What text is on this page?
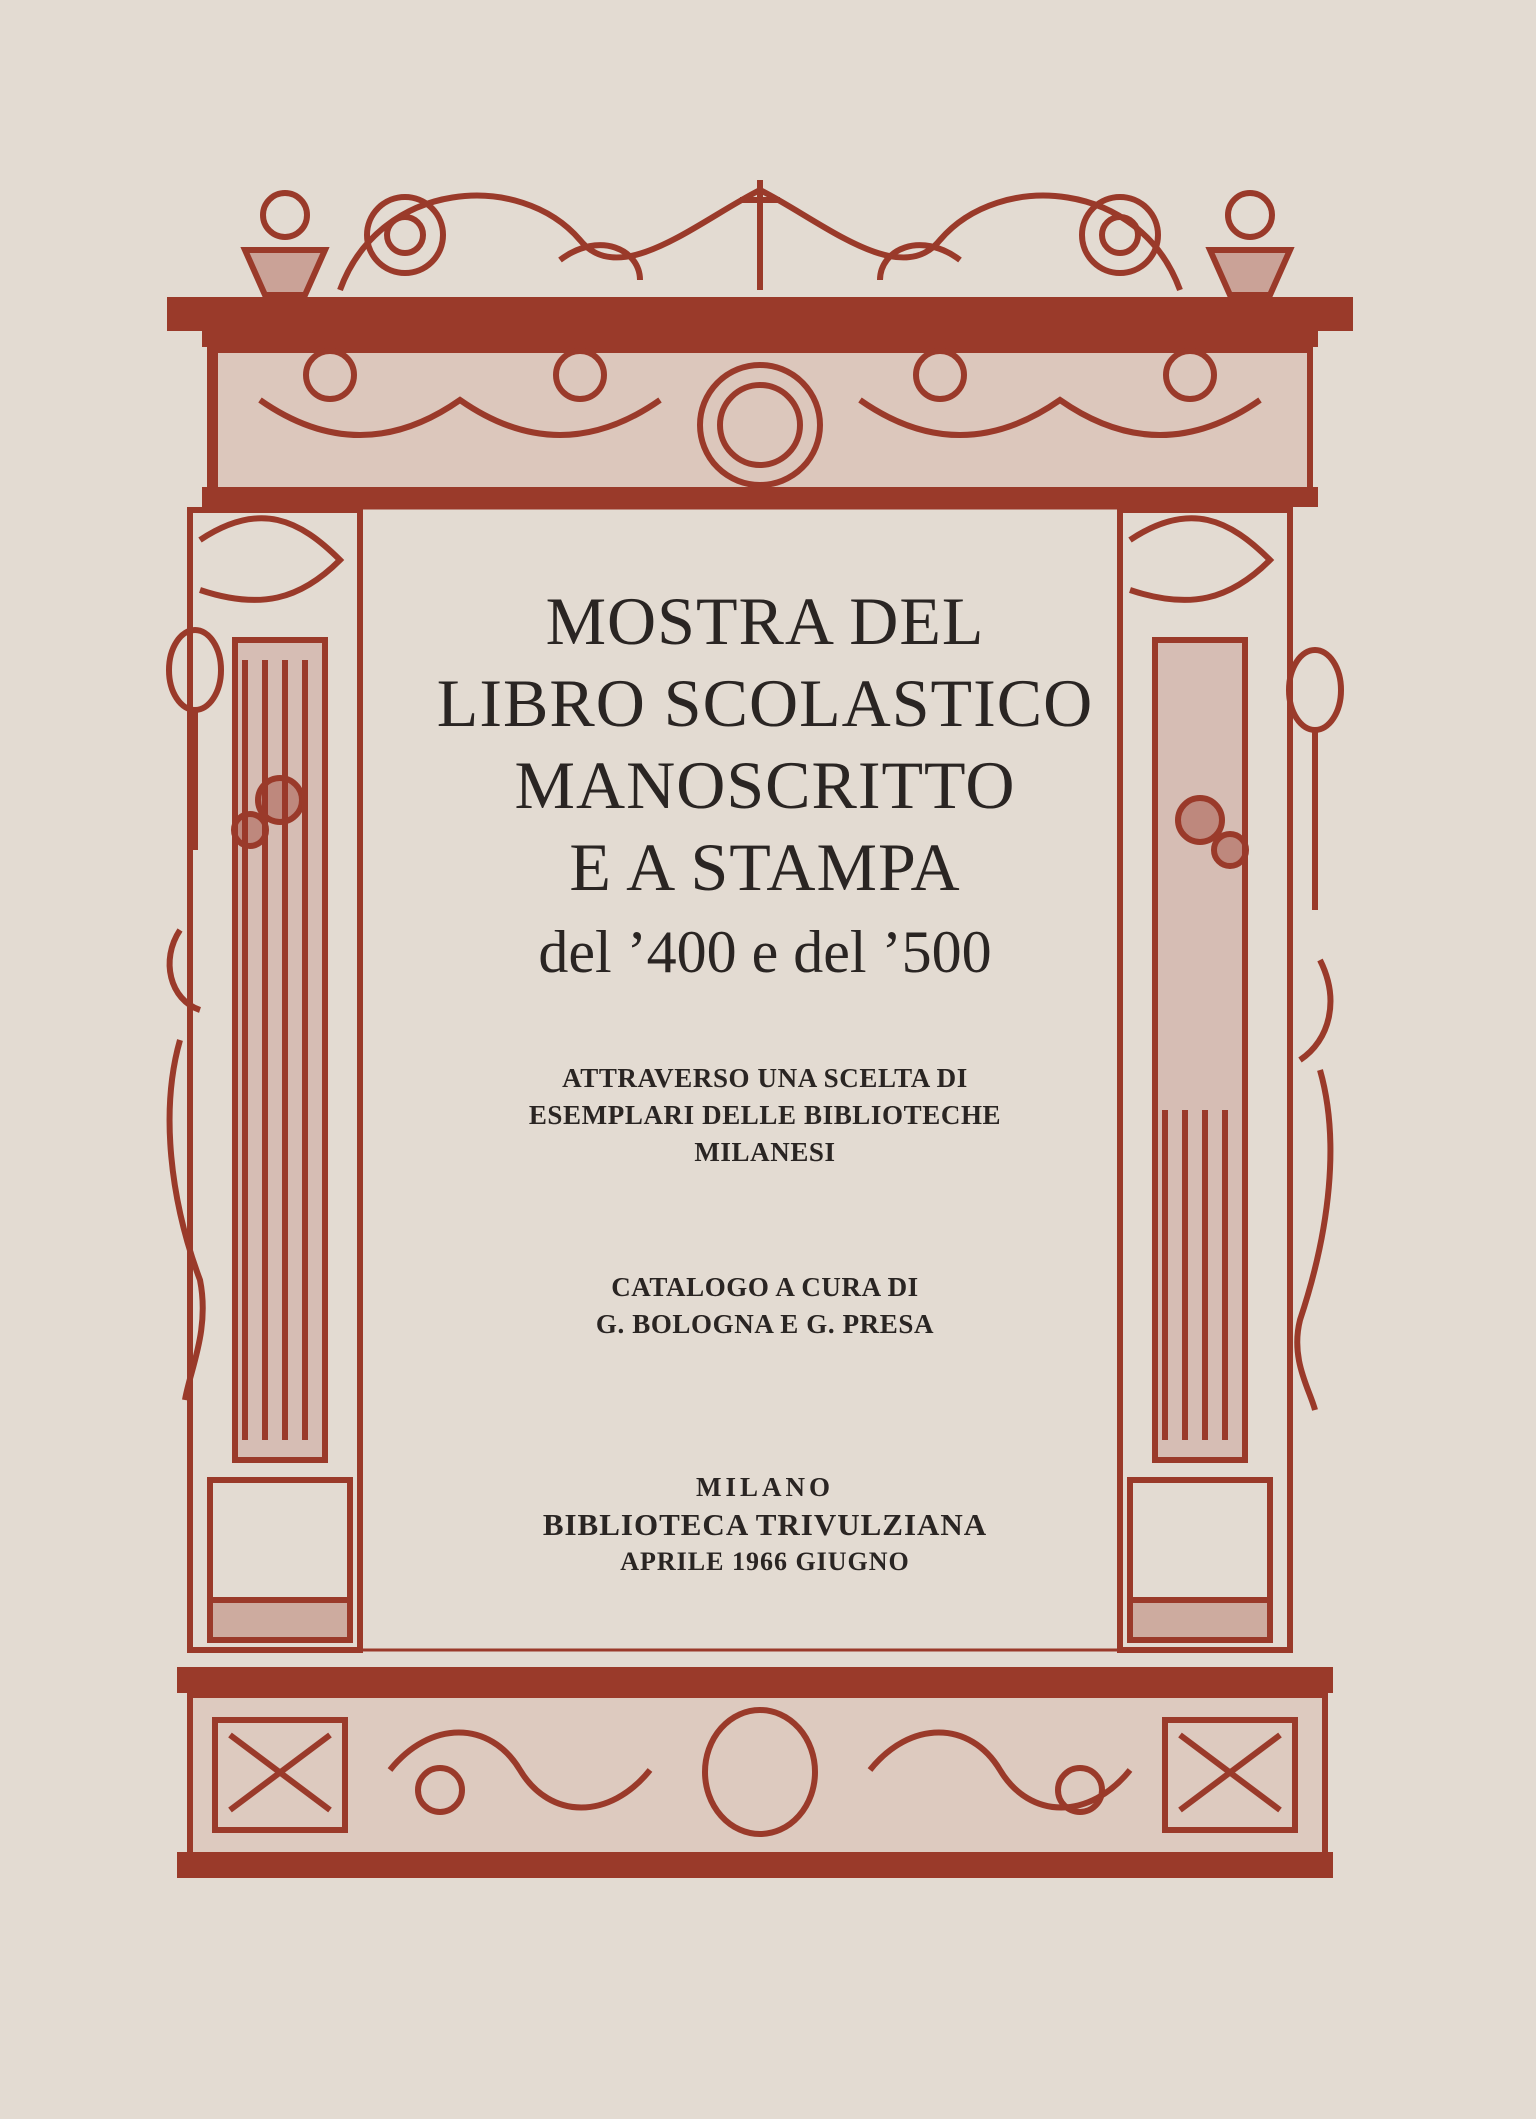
MOSTRA DEL
LIBRO SCOLASTICO
MANOSCRITTO
E A STAMPA
del ’400 e del ’500
ATTRAVERSO UNA SCELTA DI
ESEMPLARI DELLE BIBLIOTECHE
MILANESI
CATALOGO A CURA DI
G. BOLOGNA E G. PRESA
MILANO
BIBLIOTECA TRIVULZIANA
APRILE 1966 GIUGNO
